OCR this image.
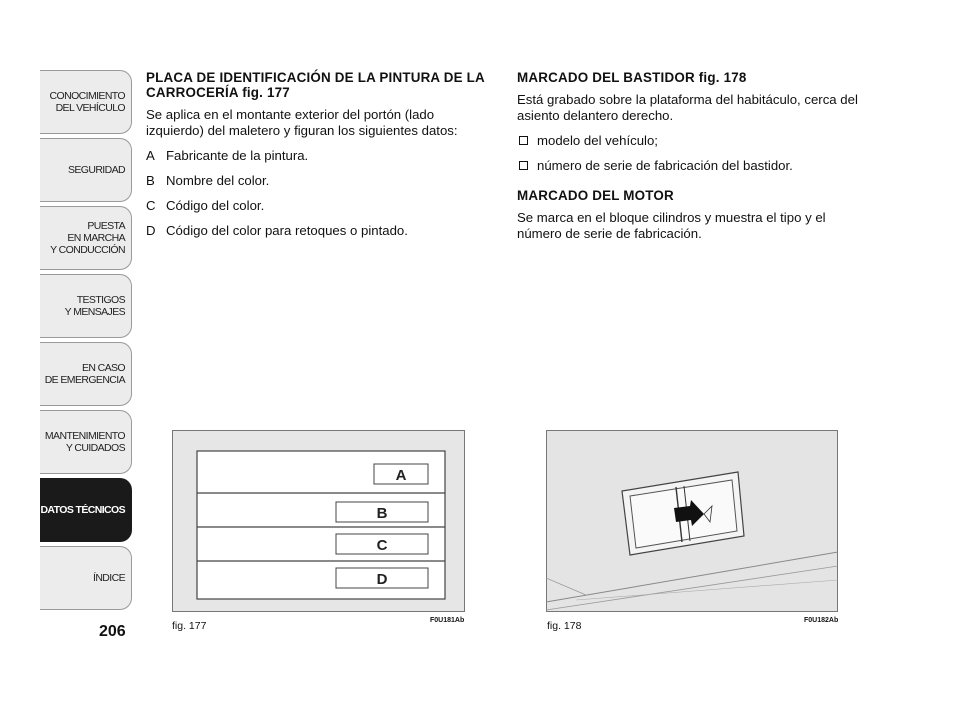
CONOCIMIENTO
DEL VEHÍCULO
SEGURIDAD
PUESTA
EN MARCHA
Y CONDUCCIÓN
TESTIGOS
Y MENSAJES
EN CASO
DE EMERGENCIA
MANTENIMIENTO
Y CUIDADOS
DATOS TÉCNICOS
ÍNDICE
206
PLACA DE IDENTIFICACIÓN DE LA PINTURA DE LA CARROCERÍA fig. 177

Se aplica en el montante exterior del portón (lado izquierdo) del maletero y figuran los siguientes datos:

A Fabricante de la pintura.
B Nombre del color.
C Código del color.
D Código del color para retoques o pintado.
MARCADO DEL BASTIDOR fig. 178

Está grabado sobre la plataforma del habitáculo, cerca del asiento delantero derecho.

modelo del vehículo;
número de serie de fabricación del bastidor.
MARCADO DEL MOTOR

Se marca en el bloque cilindros y muestra el tipo y el número de serie de fabricación.

A
B
C
D
fig. 177	F0U181Ab	fig. 178	F0U182Ab
